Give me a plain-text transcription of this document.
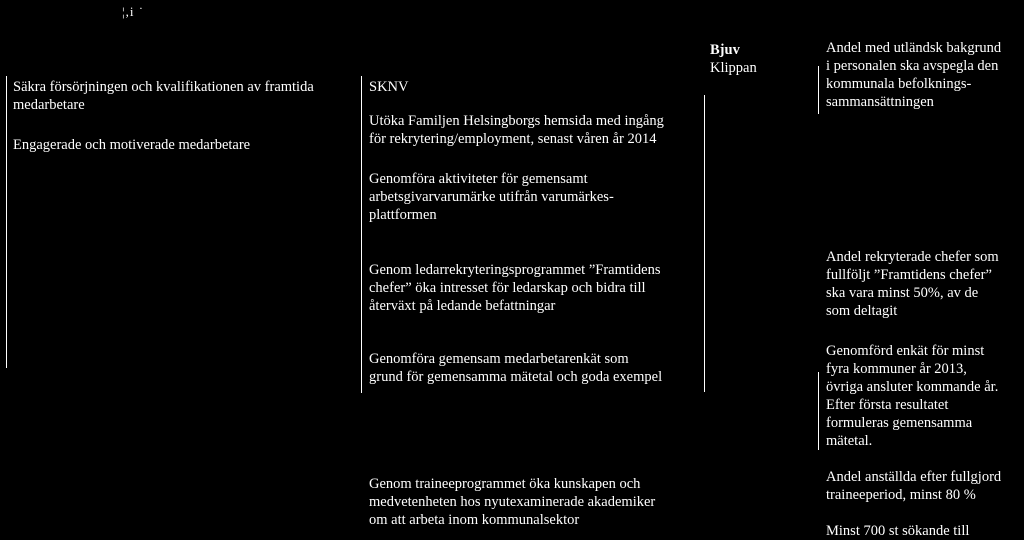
¦,i ˙
Säkra försörjningen och kvalifikationen av framtida
medarbetare
Engagerade och motiverade medarbetare
SKNV
Utöka Familjen Helsingborgs hemsida med ingång
för rekrytering/employment, senast våren år 2014
Genomföra aktiviteter för gemensamt
arbetsgivarvarumärke utifrån varumärkes-
plattformen
Genom ledarrekryteringsprogrammet ”Framtidens
chefer” öka intresset för ledarskap och bidra till
återväxt på ledande befattningar
Genomföra gemensam medarbetarenkät som
grund för gemensamma mätetal och goda exempel
Genom traineeprogrammet öka kunskapen och
medvetenheten hos nyutexaminerade akademiker
om att arbeta inom kommunalsektor
Bjuv
Klippan
Andel med utländsk bakgrund
i personalen ska avspegla den
kommunala befolknings-
sammansättningen
Andel rekryterade chefer som
fullföljt ”Framtidens chefer”
ska vara minst 50%, av de
som deltagit
Genomförd enkät för minst
fyra kommuner år 2013,
övriga ansluter kommande år.
Efter första resultatet
formuleras gemensamma
mätetal.
Andel anställda efter fullgjord
traineeperiod, minst 80 %
Minst 700 st sökande till
